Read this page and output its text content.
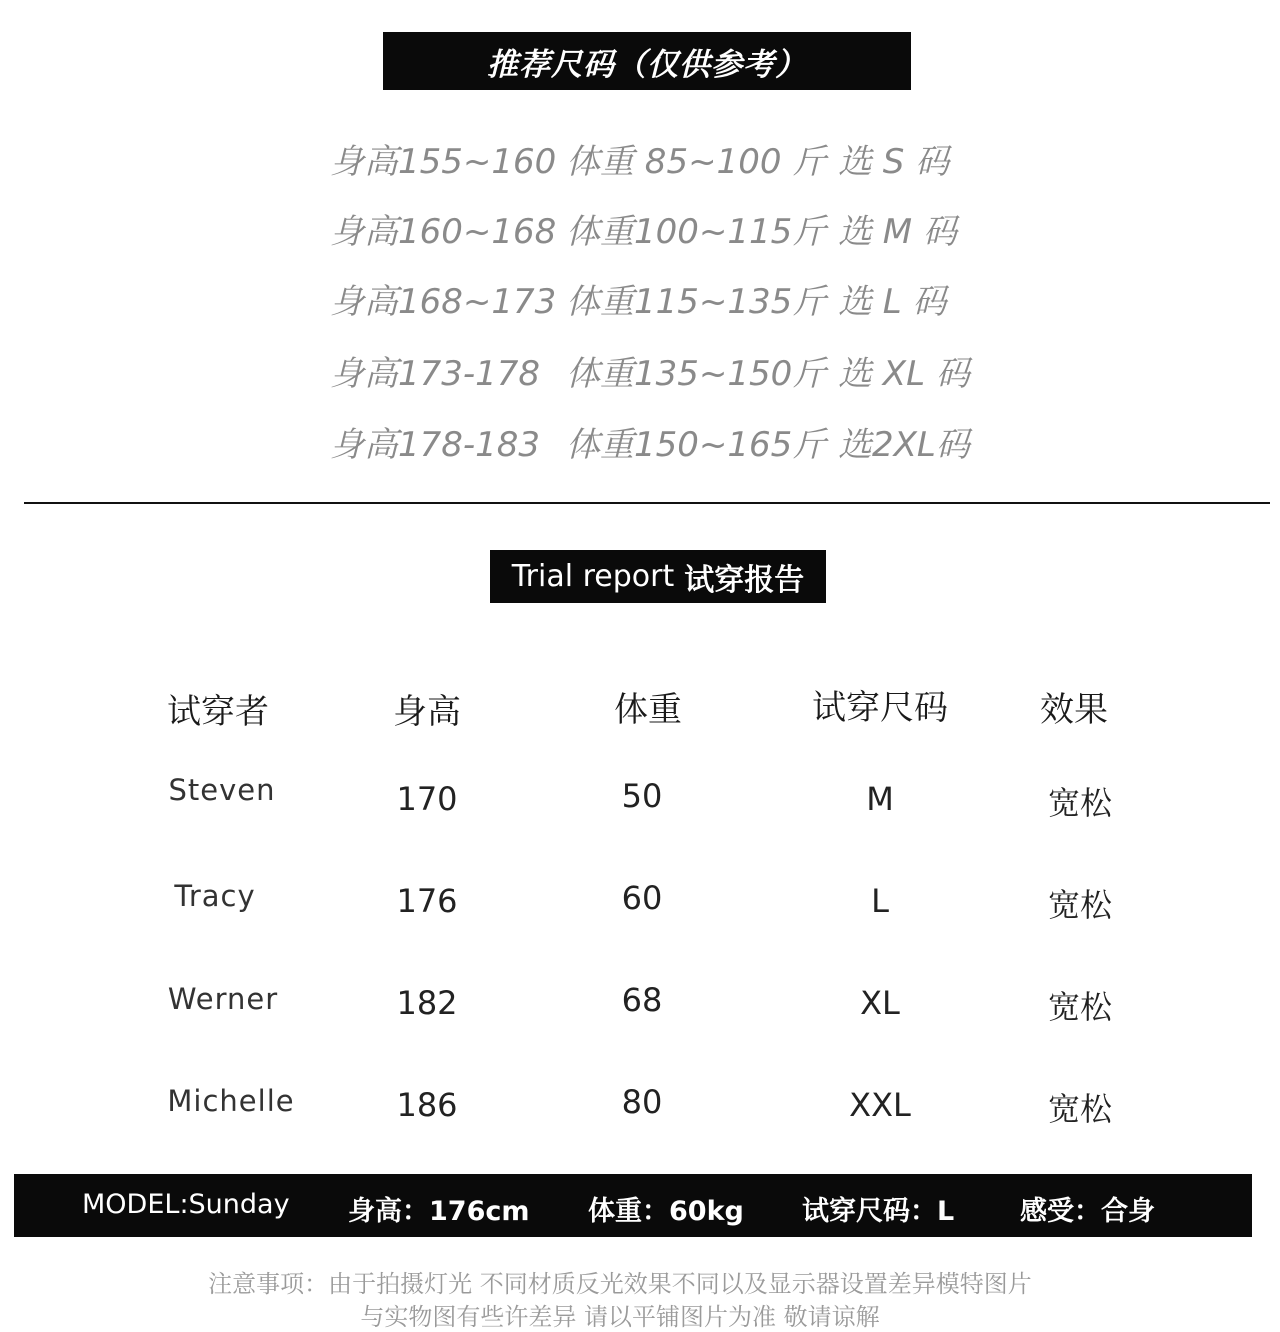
推荐尺码（仅供参考）
身高155~160 体重 85~100 斤 选 S 码
身高160~168 体重100~115斤 选 M 码
身高168~173 体重115~135斤 选 L 码
身高173-178 体重135~150斤 选 XL 码
身高178-183 体重150~165斤 选2XL码
Trial report 试穿报告
试穿者	身高	体重	试穿尺码	效果
Steven	170	50	M	宽松
Tracy	176	60	L	宽松
Werner	182	68	XL	宽松
Michelle	186	80	XXL	宽松
MODEL:Sunday 身高：176cm 体重：60kg 试穿尺码：L 感受：合身
注意事项：由于拍摄灯光 不同材质反光效果不同以及显示器设置差异模特图片
与实物图有些许差异 请以平铺图片为准 敬请谅解
